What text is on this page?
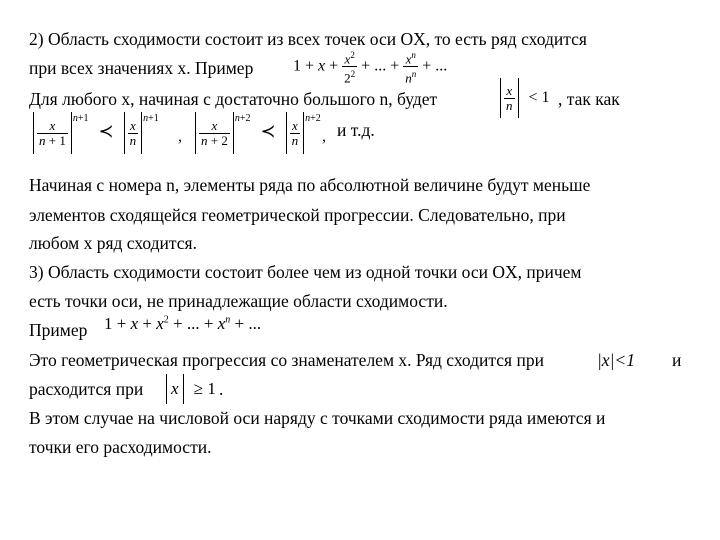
2) Область сходимости состоит из всех точек оси OX, то есть ряд сходится
при всех значениях x. Пример $1 + x + \frac{x^2}{2^2}$ + ... + $\frac{x^n}{n^n}$ + ...
Для любого x, начиная с достаточно большого n, будет	$\frac{x}{n} < 1$ , так как
$\frac{x}{n + 1}$
$^{n+1}$ ≺ $\frac{x}{n}$
$^{n+1}$
, $\frac{x}{n + 2}$
$^{n+2}$ ≺ $\frac{x}{n}$
$^{n+2}$
, и т.д.
Начиная с номера n, элементы ряда по абсолютной величине будут меньше
элементов сходящейся геометрической прогрессии. Следовательно, при
любом x ряд сходится.
3) Область сходимости состоит более чем из одной точки оси OX, причем
есть точки оси, не принадлежащие области сходимости.
Пример $1 + x + x^2$ + ... + $x^n$ + ...
Это геометрическая прогрессия со знаменателем x. Ряд сходится при	|x|<1 и
расходится при x ≥ 1 .
В этом случае на числовой оси наряду с точками сходимости ряда имеются и
точки его расходимости.
